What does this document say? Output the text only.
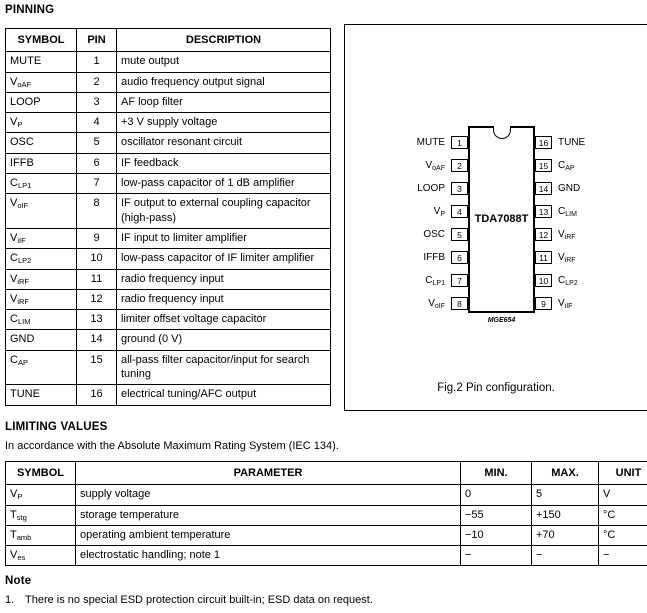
PINNING
SYMBOL	PIN	DESCRIPTION
MUTE	1	mute output
$V_{oAF}$	2	audio frequency output signal
LOOP	3	AF loop filter
$V_P$	4	+3 V supply voltage
OSC	5	oscillator resonant circuit
IFFB	6	IF feedback
$C_{LP1}$	7	low-pass capacitor of 1 dB amplifier
$V_{oIF}$	8	IF output to external coupling capacitor (high-pass)
$V_{iIF}$	9	IF input to limiter amplifier
$C_{LP2}$	10	low-pass capacitor of IF limiter amplifier
$V_{iRF}$	11	radio frequency input
$V_{iRF}$	12	radio frequency input
$C_{LIM}$	13	limiter offset voltage capacitor
GND	14	ground (0 V)
$C_{AP}$	15	all-pass filter capacitor/input for search tuning
TUNE	16	electrical tuning/AFC output
TDA7088T
MGE654
Fig.2 Pin configuration.
MUTE	1
$V_{oAF}$	2
LOOP	3
$V_P$	4
OSC	5
IFFB	6
$C_{LP1}$	7
$V_{oIF}$	8
16 TUNE
15 $C_{AP}$
14 GND
13 $C_{LIM}$
12 $V_{iRF}$
11	$V_{iRF}$
10 $C_{LP2}$
9	$V_{iIF}$
LIMITING VALUES
In accordance with the Absolute Maximum Rating System (IEC 134).
SYMBOL	PARAMETER	MIN.	MAX.	UNIT
$V_P$	supply voltage	0	5	V
$T_{stg}$	storage temperature	−55	+150	°C
$T_{amb}$	operating ambient temperature	−10	+70	°C
$V_{es}$	electrostatic handling; note 1	−	−	−
Note
1. There is no special ESD protection circuit built-in; ESD data on request.
